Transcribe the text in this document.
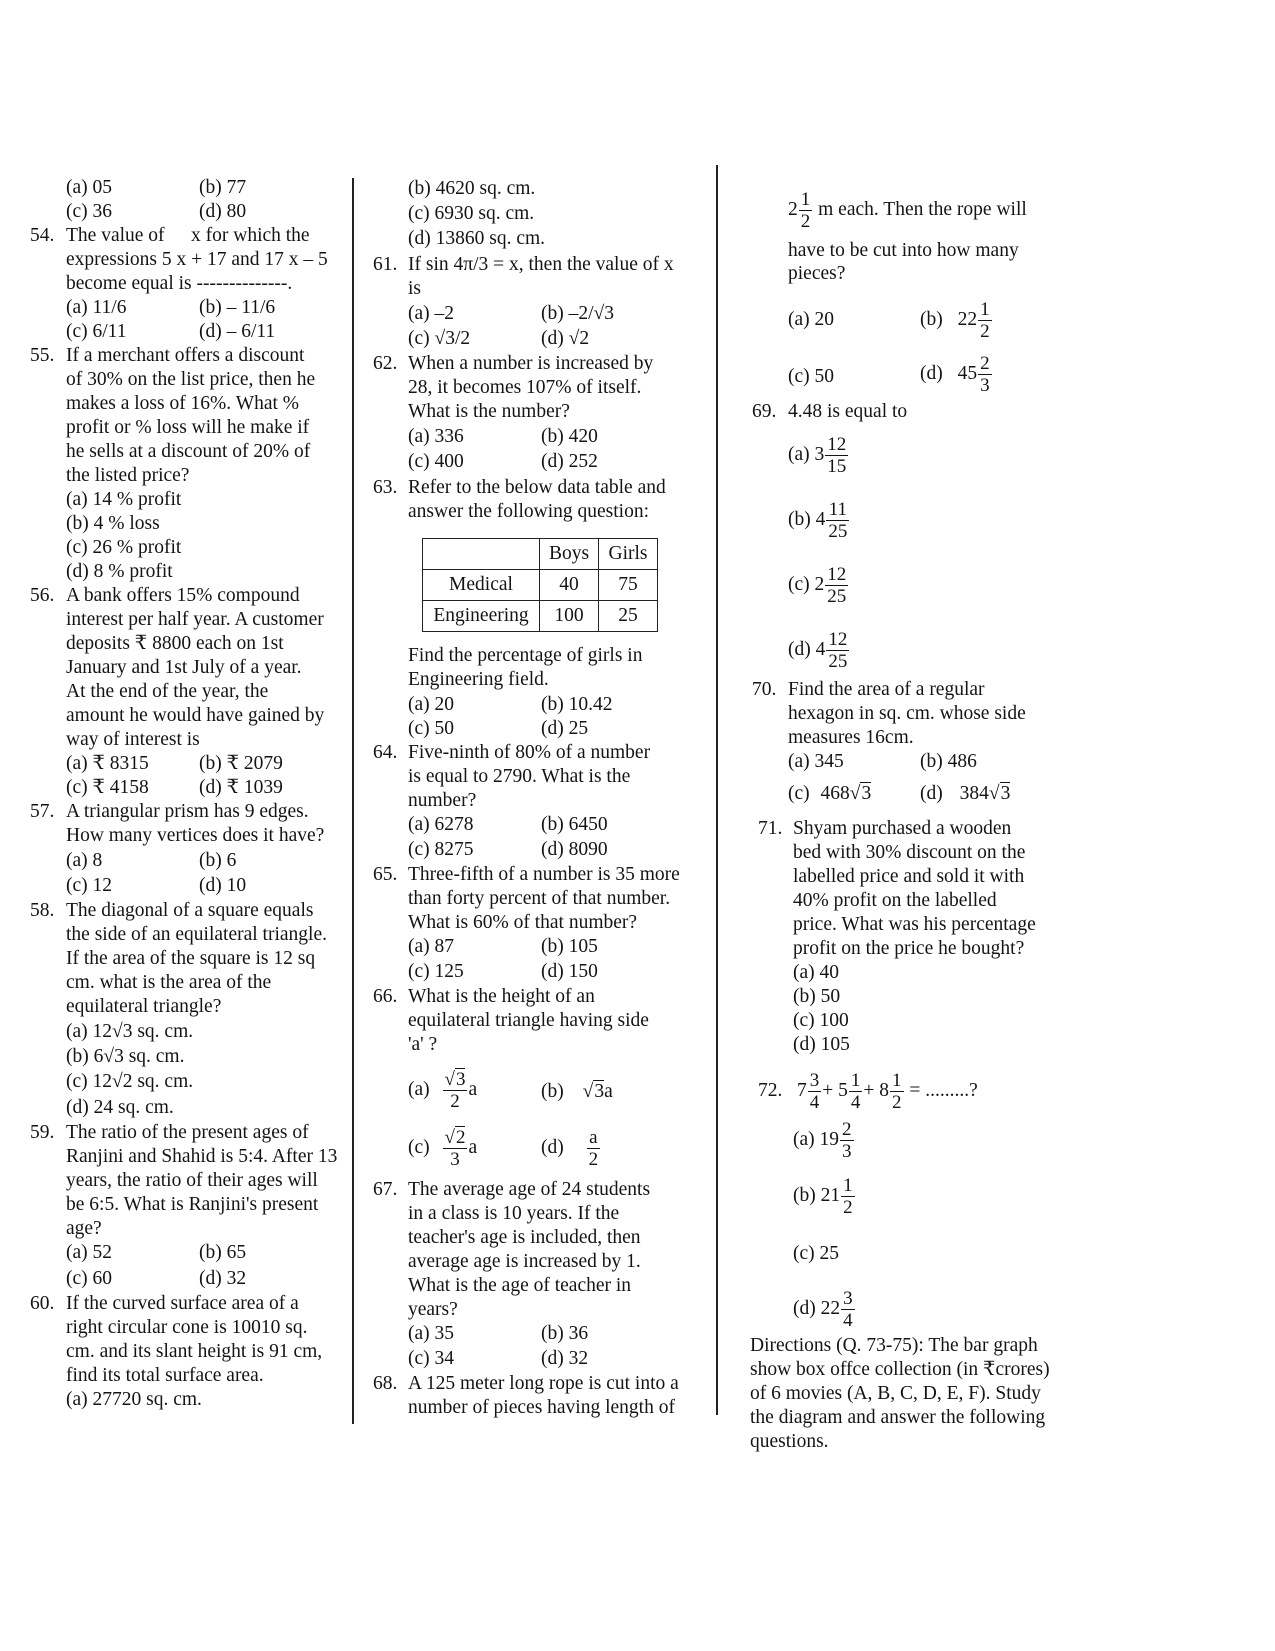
(a) 05	(b) 77
(c) 36	(d) 80
54. The value of x for which the
expressions 5 x + 17 and 17 x – 5
become equal is --------------.
(a) 11/6	(b) – 11/6
(c) 6/11	(d) – 6/11
55. If a merchant offers a discount
of 30% on the list price, then he
makes a loss of 16%. What %
profit or % loss will he make if
he sells at a discount of 20% of
the listed price?
(a) 14 % profit
(b) 4 % loss
(c) 26 % profit
(d) 8 % profit
56. A bank offers 15% compound
interest per half year. A customer
deposits ₹ 8800 each on 1st
January and 1st July of a year.
At the end of the year, the
amount he would have gained by
way of interest is
(a) ₹ 8315	(b) ₹ 2079
(c) ₹ 4158	(d) ₹ 1039
57. A triangular prism has 9 edges.
How many vertices does it have?
(a) 8	(b) 6
(c) 12	(d) 10
58. The diagonal of a square equals
the side of an equilateral triangle.
If the area of the square is 12 sq
cm. what is the area of the
equilateral triangle?
(a) 12√3 sq. cm.
(b) 6√3 sq. cm.
(c) 12√2 sq. cm.
(d) 24 sq. cm.
59. The ratio of the present ages of
Ranjini and Shahid is 5:4. After 13
years, the ratio of their ages will
be 6:5. What is Ranjini's present
age?
(a) 52	(b) 65
(c) 60	(d) 32
60. If the curved surface area of a
right circular cone is 10010 sq.
cm. and its slant height is 91 cm,
find its total surface area.
(a) 27720 sq. cm.
(b) 4620 sq. cm.
(c) 6930 sq. cm.
(d) 13860 sq. cm.
61. If sin 4π/3 = x, then the value of x
is
(a) –2	(b) –2/√3
(c) √3/2	(d) √2
62. When a number is increased by
28, it becomes 107% of itself.
What is the number?
(a) 336	(b) 420
(c) 400	(d) 252
63. Refer to the below data table and
answer the following question:
	Boys	Girls
Medical	40	75
Engineering	100	25
Find the percentage of girls in
Engineering field.
(a) 20	(b) 10.42
(c) 50	(d) 25
64. Five-ninth of 80% of a number
is equal to 2790. What is the
number?
(a) 6278	(b) 6450
(c) 8275	(d) 8090
65. Three-fifth of a number is 35 more
than forty percent of that number.
What is 60% of that number?
(a) 87	(b) 105
(c) 125	(d) 150
66. What is the height of an
equilateral triangle having side
'a' ?
$(a) \frac{√3}{2}$ a	(b) √3a
$(c) \frac{√2}{3}$ a	$(d) \frac{a}{2}$
67. The average age of 24 students
in a class is 10 years. If the
teacher's age is included, then
average age is increased by 1.
What is the age of teacher in
years?
(a) 35	(b) 36
(c) 34	(d) 32
68. A 125 meter long rope is cut into a
number of pieces having length of
$2 \frac{1}{2}$ m each. Then the rope will
have to be cut into how many
pieces?
(a) 20	(b) $22 \frac{1}{2}$
(c) 50	(d) $45 \frac{2}{3}$
69. 4.48 is equal to
(a) $3 \frac{12}{15}$
(b) $4 \frac{11}{25}$
(c) $2 \frac{12}{25}$
(d) $4 \frac{12}{25}$
70. Find the area of a regular
hexagon in sq. cm. whose side
measures 16cm.
(a) 345	(b) 486
(c) 468√3	(d) 384√3
71. Shyam purchased a wooden
bed with 30% discount on the
labelled price and sold it with
40% profit on the labelled
price. What was his percentage
profit on the price he bought?
(a) 40
(b) 50
(c) 100
(d) 105
72. $7 \frac{3}{4} + 5 \frac{1}{4} + 8 \frac{1}{2}$ = .........?
(a) $19 \frac{2}{3}$
(b) $21 \frac{1}{2}$
(c) 25
(d) $22 \frac{3}{4}$
Directions (Q. 73-75): The bar graph
show box offce collection (in ₹crores)
of 6 movies (A, B, C, D, E, F). Study
the diagram and answer the following
questions.
